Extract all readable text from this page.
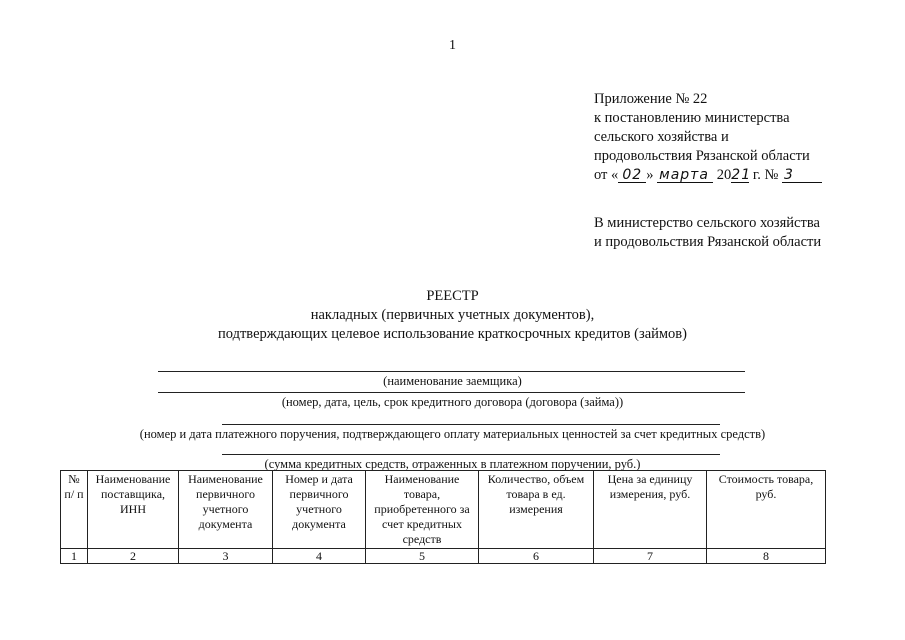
1
Приложение № 22
к постановлению министерства
сельского хозяйства и
продовольствия Рязанской области
от « 02 » марта 2021 г. № 3
В министерство сельского хозяйства
и продовольствия Рязанской области
РЕЕСТР
накладных (первичных учетных документов),
подтверждающих целевое использование краткосрочных кредитов (займов)
(наименование заемщика)
(номер, дата, цель, срок кредитного договора (договора (займа))
(номер и дата платежного поручения, подтверждающего оплату материальных ценностей за счет кредитных средств)
(сумма кредитных средств, отраженных в платежном поручении, руб.)
№ п/ п	Наименование поставщика, ИНН	Наименование первичного учетного документа	Номер и дата первичного учетного документа	Наименование товара, приобретенного за счет кредитных средств	Количество, объем товара в ед. измерения	Цена за единицу измерения, руб.	Стоимость товара, руб.
1	2	3	4	5	6	7	8
